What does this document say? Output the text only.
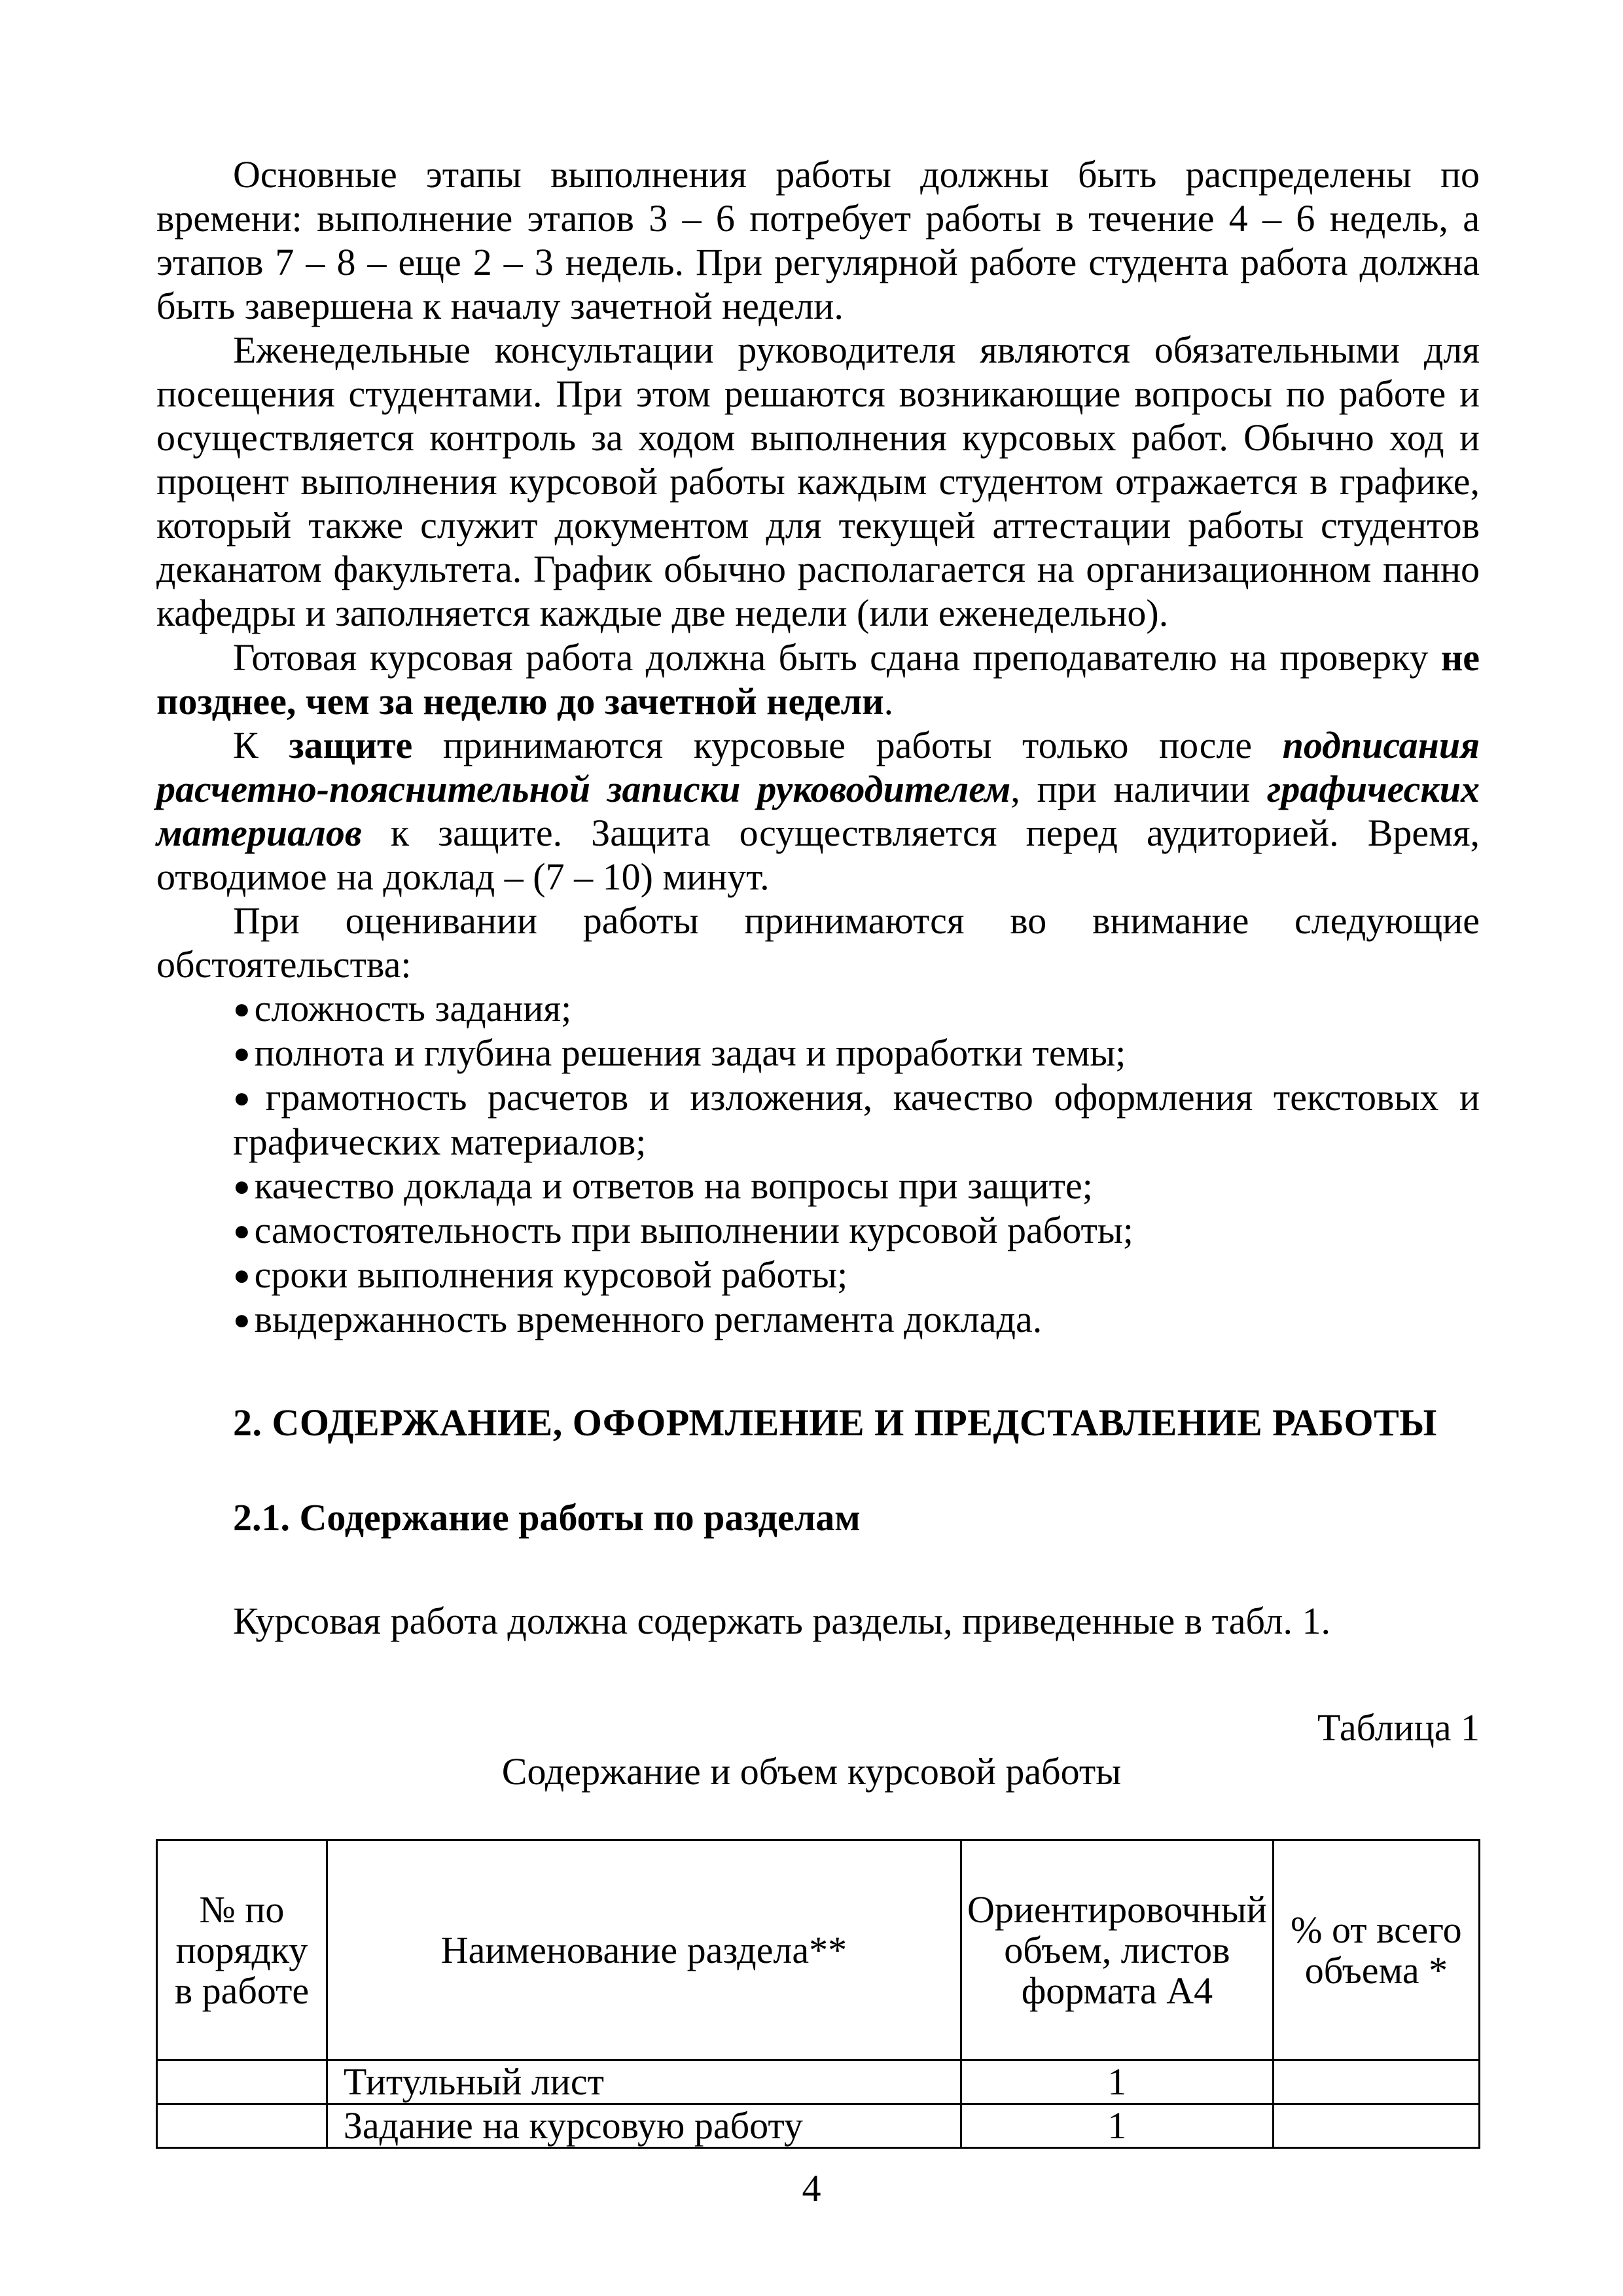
Основные этапы выполнения работы должны быть распределены по времени: выполнение этапов 3 – 6 потребует работы в течение 4 – 6 недель, а этапов 7 – 8 – еще 2 – 3 недель. При регулярной работе студента работа должна быть завершена к началу зачетной недели.

Еженедельные консультации руководителя являются обязательными для посещения студентами. При этом решаются возникающие вопросы по работе и осуществляется контроль за ходом выполнения курсовых работ. Обычно ход и процент выполнения курсовой работы каждым студентом отражается в графике, который также служит документом для текущей аттестации работы студентов деканатом факультета. График обычно располагается на организационном панно кафедры и заполняется каждые две недели (или еженедельно).

Готовая курсовая работа должна быть сдана преподавателю на проверку не позднее, чем за неделю до зачетной недели.

К защите принимаются курсовые работы только после подписания расчетно-пояснительной записки руководителем, при наличии графических материалов к защите. Защита осуществляется перед аудиторией. Время, отводимое на доклад – (7 – 10) минут.

При оценивании работы принимаются во внимание следующие обстоятельства:

● сложность задания;
● полнота и глубина решения задач и проработки темы;
● грамотность расчетов и изложения, качество оформления текстовых и графических материалов;
● качество доклада и ответов на вопросы при защите;
● самостоятельность при выполнении курсовой работы;
● сроки выполнения курсовой работы;
● выдержанность временного регламента доклада.
2. СОДЕРЖАНИЕ, ОФОРМЛЕНИЕ И ПРЕДСТАВЛЕНИЕ РАБОТЫ
2.1. Содержание работы по разделам

Курсовая работа должна содержать разделы, приведенные в табл. 1.

Таблица 1

Содержание и объем курсовой работы

№ по порядку в работе	Наименование раздела**	Ориентировочный объем, листов формата А4	% от всего объема *
	Титульный лист	1	
	Задание на курсовую работу	1	

4
